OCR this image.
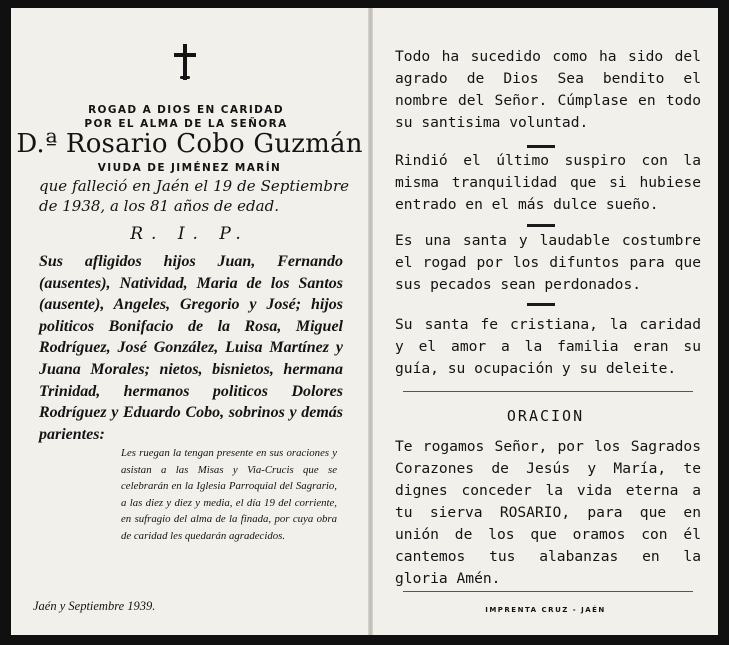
ROGAD A DIOS EN CARIDAD
POR EL ALMA DE LA SEÑORA
D.ª Rosario Cobo Guzmán
VIUDA DE JIMÉNEZ MARÍN
que falleció en Jaén el 19 de Septiembre de 1938, a los 81 años de edad.
R. I. P.
Sus afligidos hijos Juan, Fernando (ausentes), Natividad, Maria de los Santos (ausente), Angeles, Gregorio y José; hijos politicos Bonifacio de la Rosa, Miguel Rodríguez, José González, Luisa Martínez y Juana Morales; nietos, bisnietos, hermana Trinidad, hermanos politicos Dolores Rodríguez y Eduardo Cobo, sobrinos y demás parientes:
Les ruegan la tengan presente en sus oraciones y asistan a las Misas y Via-Crucis que se celebrarán en la Iglesia Parroquial del Sagrario, a las diez y diez y media, el día 19 del corriente, en sufragio del alma de la finada, por cuya obra de caridad les quedarán agradecidos.
Jaén y Septiembre 1939.
Todo ha sucedido como ha sido del agrado de Dios Sea bendito el nombre del Señor. Cúmplase en todo su santisima voluntad.
Rindió el último suspiro con la misma tranquilidad que si hubiese entrado en el más dulce sueño.
Es una santa y laudable costumbre el rogad por los difuntos para que sus pecados sean perdonados.
Su santa fe cristiana, la caridad y el amor a la familia eran su guía, su ocupación y su deleite.
ORACION
Te rogamos Señor, por los Sagrados Corazones de Jesús y María, te dignes conceder la vida eterna a tu sierva ROSARIO, para que en unión de los que oramos con él cantemos tus alabanzas en la gloria Amén.
IMPRENTA CRUZ - JAÉN
